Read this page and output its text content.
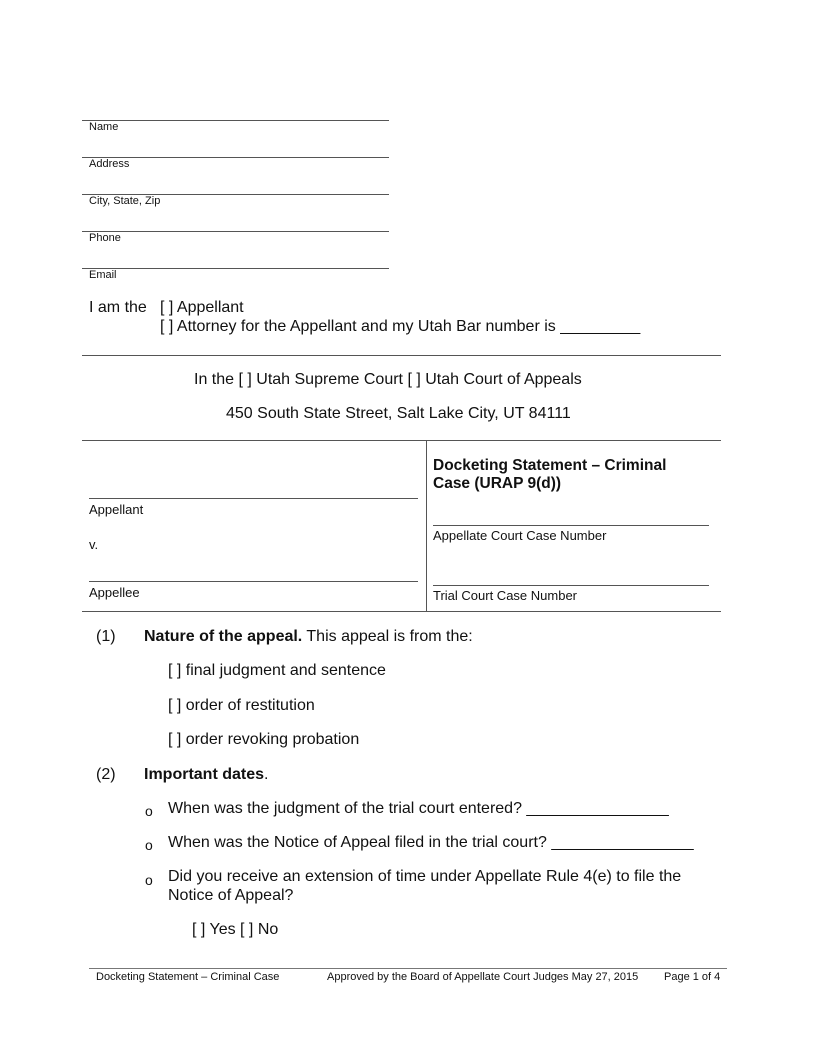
Name
Address
City, State, Zip
Phone
Email
I am the [ ] Appellant
[ ] Attorney for the Appellant and my Utah Bar number is _________
In the [ ] Utah Supreme Court [ ] Utah Court of Appeals
450 South State Street, Salt Lake City, UT 84111
Appellant
v.
Appellee
Docketing Statement – Criminal
Case (URAP 9(d))
Appellate Court Case Number
Trial Court Case Number
(1) Nature of the appeal. This appeal is from the:
[ ] final judgment and sentence
[ ] order of restitution
[ ] order revoking probation
(2) Important dates.
o When was the judgment of the trial court entered? ________________
o When was the Notice of Appeal filed in the trial court? ________________
o Did you receive an extension of time under Appellate Rule 4(e) to file the
Notice of Appeal?
[ ] Yes [ ] No
Docketing Statement – Criminal Case	Approved by the Board of Appellate Court Judges May 27, 2015 Page 1 of 4
